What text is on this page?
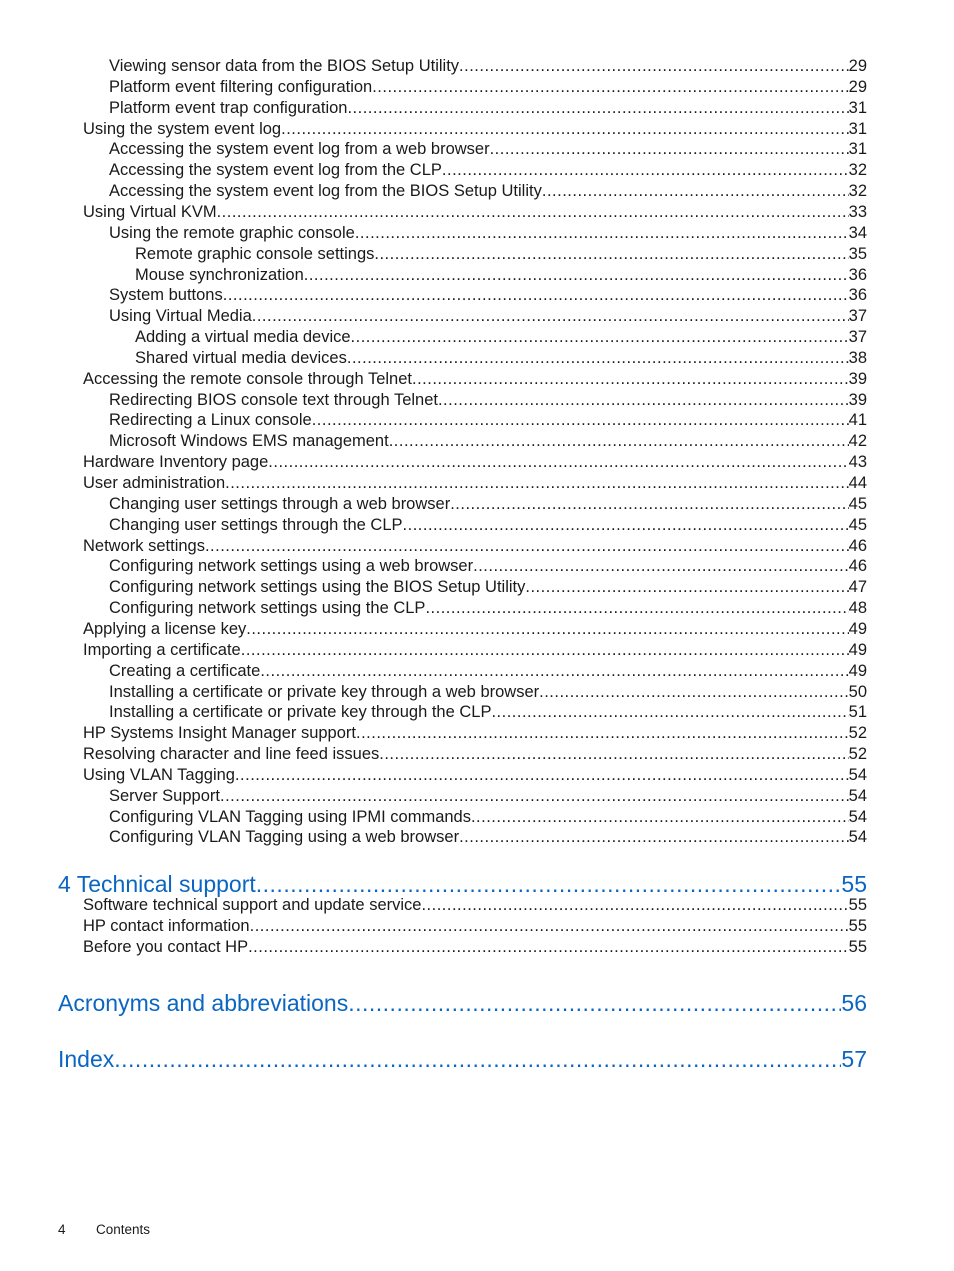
Viewing sensor data from the BIOS Setup Utility .....	29
Platform event filtering configuration .....	29
Platform event trap configuration .....	31
Using the system event log .....	31
Accessing the system event log from a web browser .....	31
Accessing the system event log from the CLP .....	32
Accessing the system event log from the BIOS Setup Utility .....	32
Using Virtual KVM .....	33
Using the remote graphic console .....	34
Remote graphic console settings .....	35
Mouse synchronization .....	36
System buttons .....	36
Using Virtual Media .....	37
Adding a virtual media device .....	37
Shared virtual media devices .....	38
Accessing the remote console through Telnet .....	39
Redirecting BIOS console text through Telnet .....	39
Redirecting a Linux console .....	41
Microsoft Windows EMS management .....	42
Hardware Inventory page .....	43
User administration .....	44
Changing user settings through a web browser .....	45
Changing user settings through the CLP .....	45
Network settings .....	46
Configuring network settings using a web browser .....	46
Configuring network settings using the BIOS Setup Utility .....	47
Configuring network settings using the CLP .....	48
Applying a license key .....	49
Importing a certificate .....	49
Creating a certificate .....	49
Installing a certificate or private key through a web browser .....	50
Installing a certificate or private key through the CLP .....	51
HP Systems Insight Manager support .....	52
Resolving character and line feed issues .....	52
Using VLAN Tagging .....	54
Server Support .....	54
Configuring VLAN Tagging using IPMI commands .....	54
Configuring VLAN Tagging using a web browser .....	54
4 Technical support .....	55
Software technical support and update service .....	55
HP contact information .....	55
Before you contact HP .....	55
Acronyms and abbreviations .....	56
Index .....	57
4 Contents
